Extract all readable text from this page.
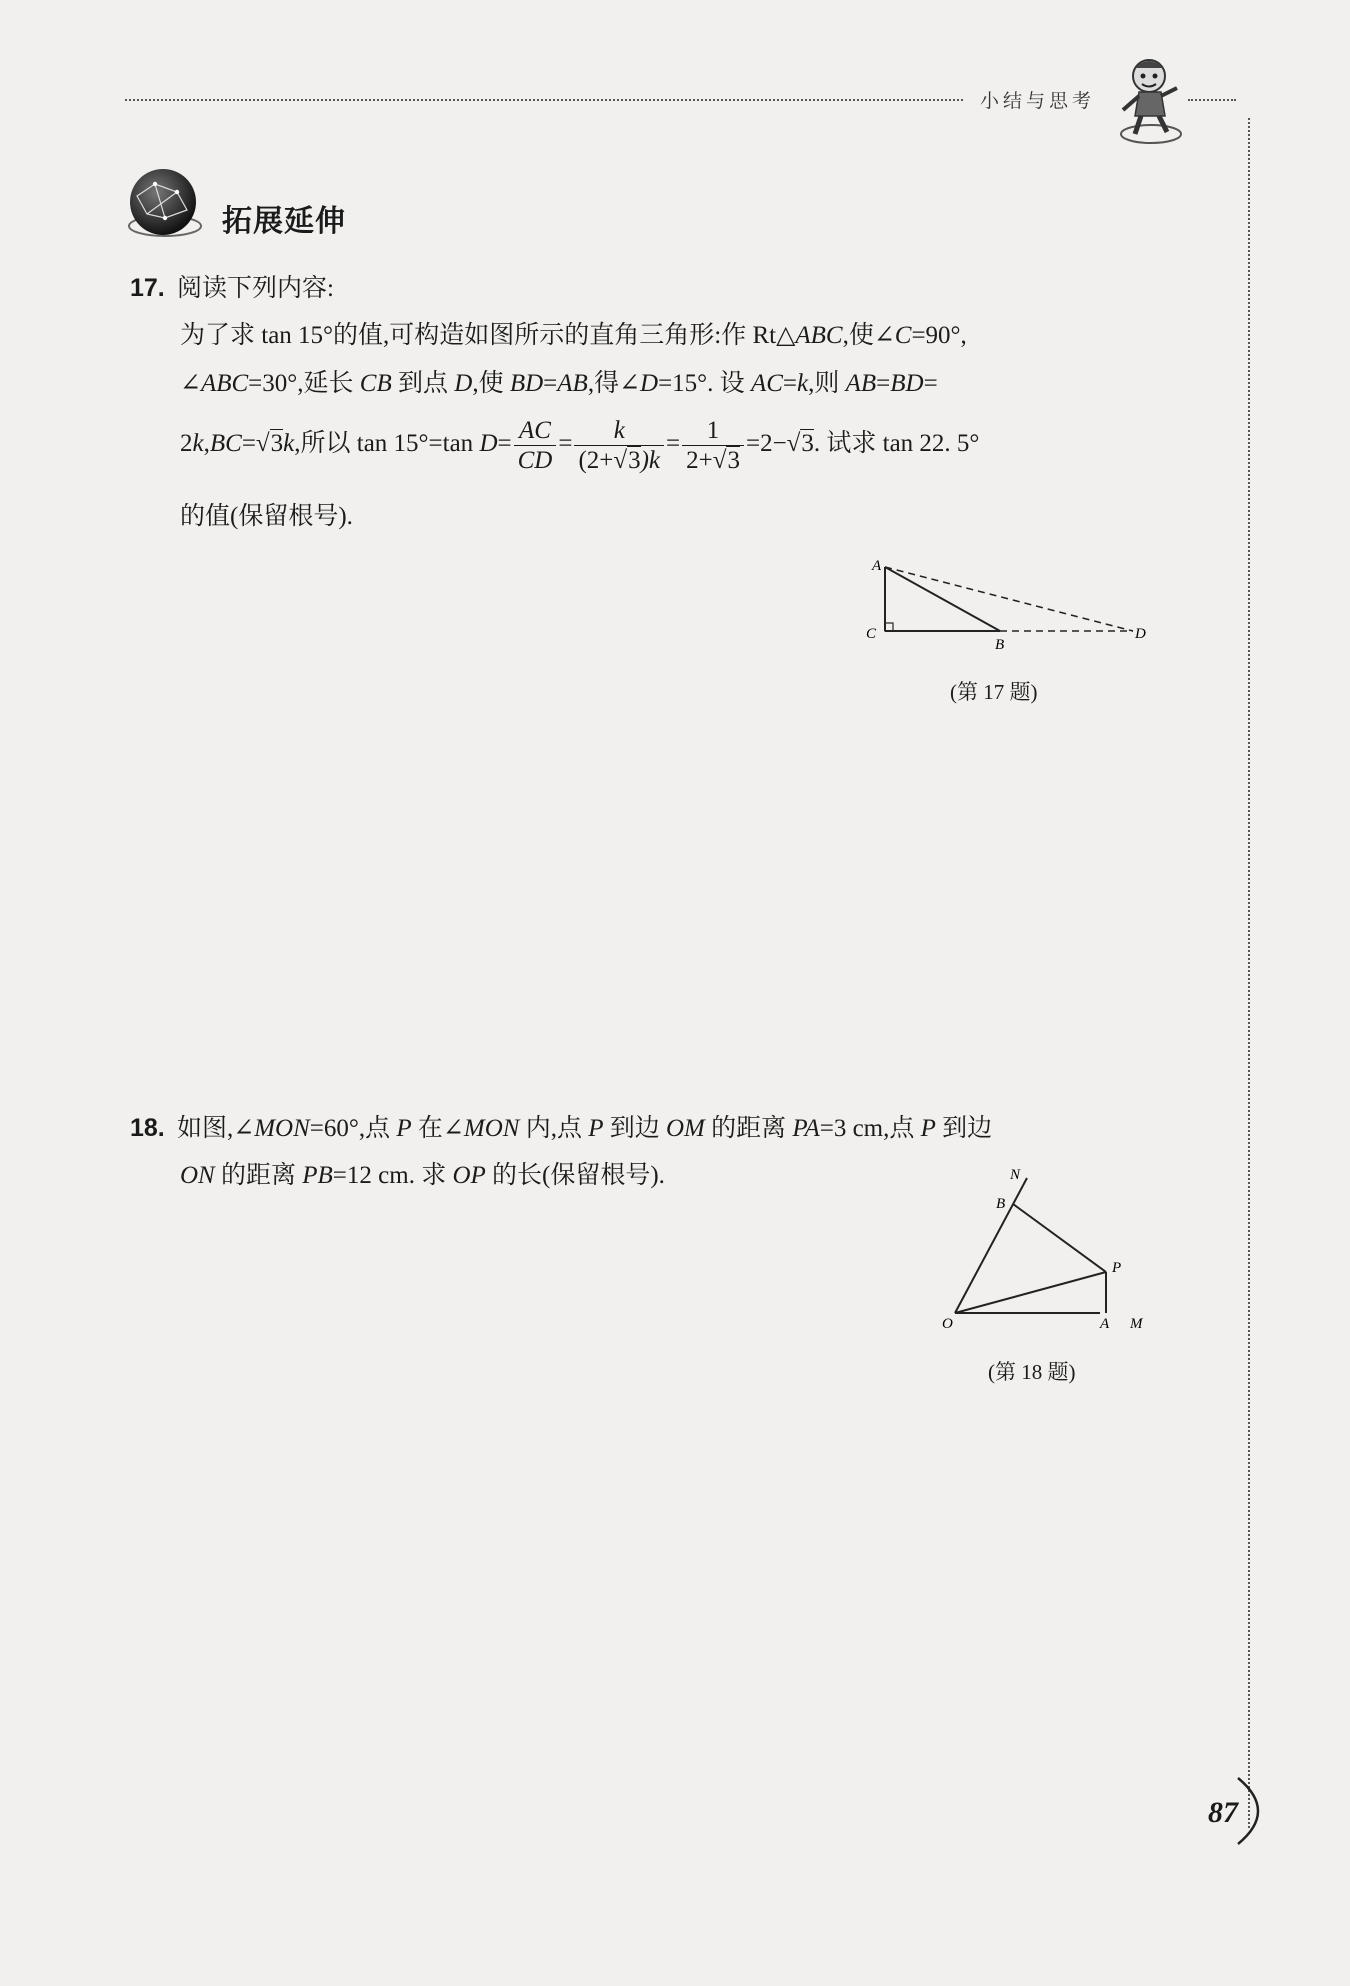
小结与思考
拓展延伸
17. 阅读下列内容:
为了求 tan 15°的值,可构造如图所示的直角三角形:作 Rt△ABC,使∠C=90°,
∠ABC=30°,延长 CB 到点 D,使 BD=AB,得∠D=15°. 设 AC=k,则 AB=BD=
2k,BC=√3k,所以 tan 15°=tan $D= \frac{AC}{CD} = \frac{k}{(2+√3)k} = \frac{1}{2+√3} =2-√3$. 试求 tan 22. 5°
的值(保留根号).
A
C
B
D
(第 17 题)
18. 如图,∠MON=60°,点 P 在∠MON 内,点 P 到边 OM 的距离 PA=3 cm,点 P 到边
ON 的距离 PB=12 cm. 求 OP 的长(保留根号).	N
B
P
O	A M
(第 18 题)
87
